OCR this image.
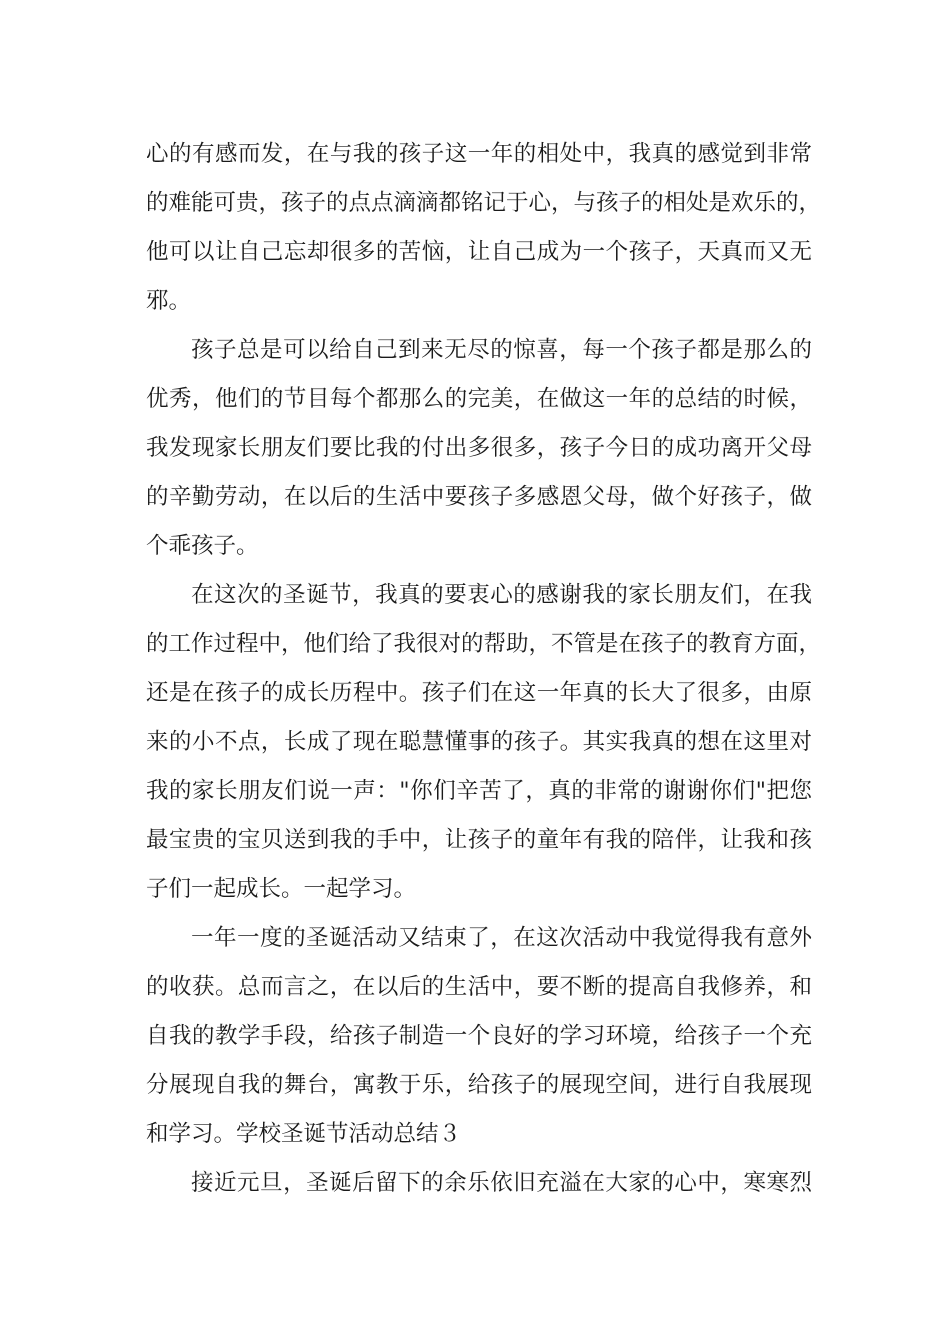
心的有感而发，在与我的孩子这一年的相处中，我真的感觉到非常
的难能可贵，孩子的点点滴滴都铭记于心，与孩子的相处是欢乐的，
他可以让自己忘却很多的苦恼，让自己成为一个孩子，天真而又无
邪。
孩子总是可以给自己到来无尽的惊喜，每一个孩子都是那么的
优秀，他们的节目每个都那么的完美，在做这一年的总结的时候，
我发现家长朋友们要比我的付出多很多，孩子今日的成功离开父母
的辛勤劳动，在以后的生活中要孩子多感恩父母，做个好孩子，做
个乖孩子。
在这次的圣诞节，我真的要衷心的感谢我的家长朋友们，在我
的工作过程中，他们给了我很对的帮助，不管是在孩子的教育方面，
还是在孩子的成长历程中。孩子们在这一年真的长大了很多，由原
来的小不点，长成了现在聪慧懂事的孩子。其实我真的想在这里对
我的家长朋友们说一声："你们辛苦了，真的非常的谢谢你们"把您
最宝贵的宝贝送到我的手中，让孩子的童年有我的陪伴，让我和孩
子们一起成长。一起学习。
一年一度的圣诞活动又结束了，在这次活动中我觉得我有意外
的收获。总而言之，在以后的生活中，要不断的提高自我修养，和
自我的教学手段，给孩子制造一个良好的学习环境，给孩子一个充
分展现自我的舞台，寓教于乐，给孩子的展现空间，进行自我展现
和学习。学校圣诞节活动总结３
接近元旦，圣诞后留下的余乐依旧充溢在大家的心中，寒寒烈
